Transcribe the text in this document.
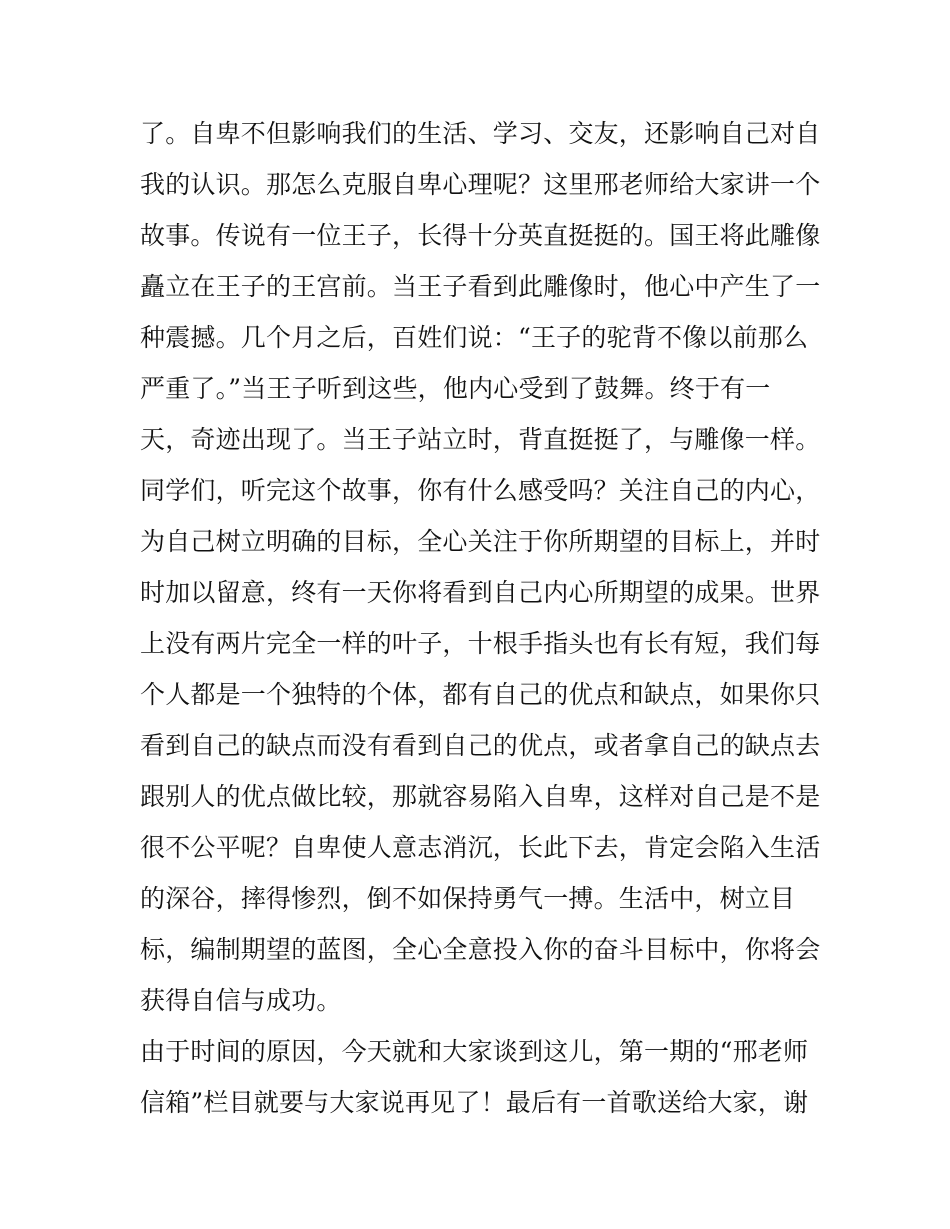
了。自卑不但影响我们的生活、学习、交友，还影响自己对自
我的认识。那怎么克服自卑心理呢？这里邢老师给大家讲一个
故事。传说有一位王子，长得十分英直挺挺的。国王将此雕像
矗立在王子的王宫前。当王子看到此雕像时，他心中产生了一
种震撼。几个月之后，百姓们说：“王子的驼背不像以前那么
严重了。”当王子听到这些，他内心受到了鼓舞。终于有一
天，奇迹出现了。当王子站立时，背直挺挺了，与雕像一样。
同学们，听完这个故事，你有什么感受吗？关注自己的内心，
为自己树立明确的目标，全心关注于你所期望的目标上，并时
时加以留意，终有一天你将看到自己内心所期望的成果。世界
上没有两片完全一样的叶子，十根手指头也有长有短，我们每
个人都是一个独特的个体，都有自己的优点和缺点，如果你只
看到自己的缺点而没有看到自己的优点，或者拿自己的缺点去
跟别人的优点做比较，那就容易陷入自卑，这样对自己是不是
很不公平呢？自卑使人意志消沉，长此下去，肯定会陷入生活
的深谷，摔得惨烈，倒不如保持勇气一搏。生活中，树立目
标，编制期望的蓝图，全心全意投入你的奋斗目标中，你将会
获得自信与成功。
由于时间的原因，今天就和大家谈到这儿，第一期的“邢老师
信箱”栏目就要与大家说再见了！最后有一首歌送给大家，谢
